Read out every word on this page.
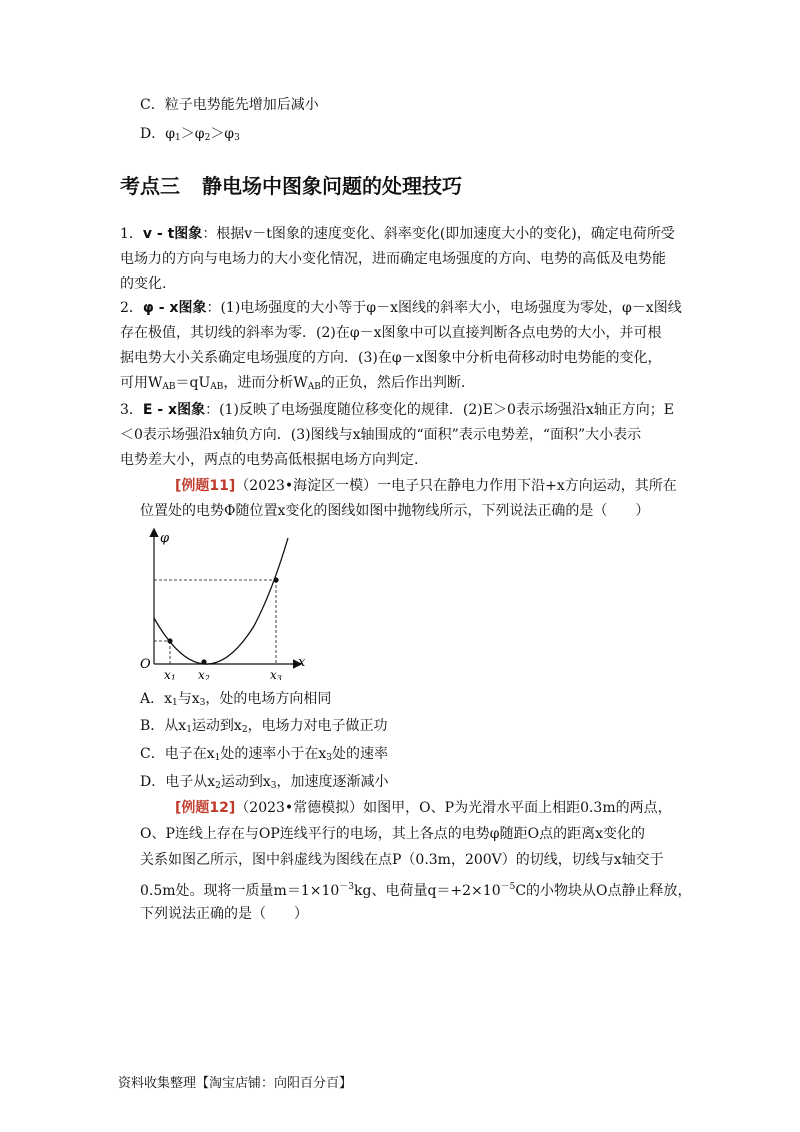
C．粒子电势能先增加后减小
D．$\varphi_1>\varphi_2>\varphi_3$
考点三 静电场中图象问题的处理技巧
1．v - t图象：根据v－t图象的速度变化、斜率变化(即加速度大小的变化)，确定电荷所受
电场力的方向与电场力的大小变化情况，进而确定电场强度的方向、电势的高低及电势能
的变化.
2．φ - x图象：(1)电场强度的大小等于φ－x图线的斜率大小，电场强度为零处，φ－x图线
存在极值，其切线的斜率为零．(2)在φ－x图象中可以直接判断各点电势的大小，并可根
据电势大小关系确定电场强度的方向．(3)在φ－x图象中分析电荷移动时电势能的变化，
可用$W_{AB}=qU_{AB}$，进而分析$W_{AB}$的正负，然后作出判断.
3．E - x图象：(1)反映了电场强度随位移变化的规律．(2)E＞0表示场强沿x轴正方向；E
＜0表示场强沿x轴负方向．(3)图线与x轴围成的“面积”表示电势差，“面积”大小表示
电势差大小，两点的电势高低根据电场方向判定.
[例题11]（2023•海淀区一模）一电子只在静电力作用下沿+x方向运动，其所在
位置处的电势Φ随位置x变化的图线如图中抛物线所示，下列说法正确的是（　　）
φ
x
O
x1 x2	x3
A．$x_1$与$x_3$，处的电场方向相同
B．从$x_1$运动到$x_2$，电场力对电子做正功
C．电子在$x_1$处的速率小于在$x_3$处的速率
D．电子从$x_2$运动到$x_3$，加速度逐渐减小
[例题12]（2023•常德模拟）如图甲，O、P为光滑水平面上相距0.3m的两点，
O、P连线上存在与OP连线平行的电场，其上各点的电势φ随距O点的距离x变化的
关系如图乙所示，图中斜虚线为图线在点P（0.3m，200V）的切线，切线与x轴交于
0.5m处。现将一质量$m=1\times 10^{-3}kg$、电荷量$q=+2\times 10^{-5}C$的小物块从O点静止释放，
下列说法正确的是（　　）
资料收集整理【淘宝店铺：向阳百分百】
